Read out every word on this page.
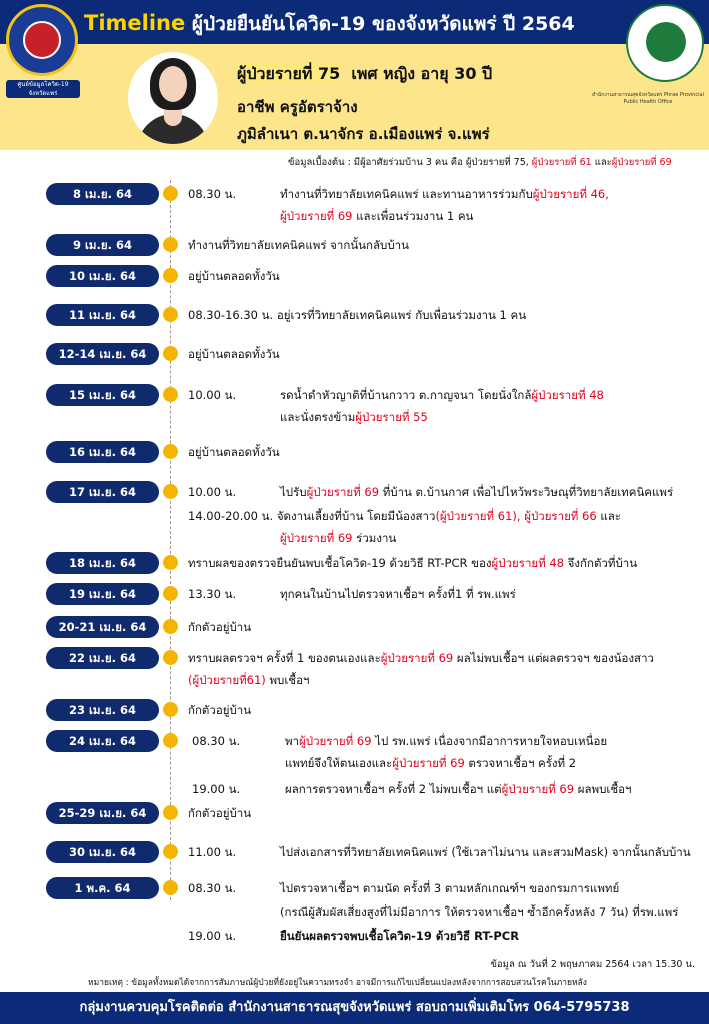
Timeline ผู้ป่วยยืนยันโควิด-19 ของจังหวัดแพร่ ปี 2564
ศูนย์ข้อมูลโควิด-19
จังหวัดแพร่	สำนักงานสาธารณสุขจังหวัดแพร่ Phrae Provincial Public Health Office
ผู้ป่วยรายที่ 75 เพศ หญิง อายุ 30 ปี
อาชีพ ครูอัตราจ้าง
ภูมิลำเนา ต.นาจักร อ.เมืองแพร่ จ.แพร่
ข้อมูลเบื้องต้น : มีผู้อาศัยร่วมบ้าน 3 คน คือ ผู้ป่วยรายที่ 75, ผู้ป่วยรายที่ 61 และผู้ป่วยรายที่ 69
8 เม.ย. 64	08.30 น.	ทำงานที่วิทยาลัยเทคนิคแพร่ และทานอาหารร่วมกับผู้ป่วยรายที่ 46,
ผู้ป่วยรายที่ 69 และเพื่อนร่วมงาน 1 คน
9 เม.ย. 64	ทำงานที่วิทยาลัยเทคนิคแพร่ จากนั้นกลับบ้าน
10 เม.ย. 64	อยู่บ้านตลอดทั้งวัน
11 เม.ย. 64	08.30-16.30 น. อยู่เวรที่วิทยาลัยเทคนิคแพร่ กับเพื่อนร่วมงาน 1 คน
12-14 เม.ย. 64	อยู่บ้านตลอดทั้งวัน
15 เม.ย. 64	10.00 น.	รดน้ำดำหัวญาติที่บ้านกวาว ต.กาญจนา โดยนั่งใกล้ผู้ป่วยรายที่ 48
และนั่งตรงข้ามผู้ป่วยรายที่ 55
16 เม.ย. 64	อยู่บ้านตลอดทั้งวัน
17 เม.ย. 64	10.00 น.	ไปรับผู้ป่วยรายที่ 69 ที่บ้าน ต.บ้านกาศ เพื่อไปไหว้พระวิษณุที่วิทยาลัยเทคนิคแพร่
14.00-20.00 น. จัดงานเลี้ยงที่บ้าน โดยมีน้องสาว(ผู้ป่วยรายที่ 61), ผู้ป่วยรายที่ 66 และ
ผู้ป่วยรายที่ 69 ร่วมงาน
18 เม.ย. 64	ทราบผลของตรวจยืนยันพบเชื้อโควิด-19 ด้วยวิธี RT-PCR ของผู้ป่วยรายที่ 48 จึงกักตัวที่บ้าน
19 เม.ย. 64	13.30 น.	ทุกคนในบ้านไปตรวจหาเชื้อฯ ครั้งที่1 ที่ รพ.แพร่
20-21 เม.ย. 64	กักตัวอยู่บ้าน
22 เม.ย. 64	ทราบผลตรวจฯ ครั้งที่ 1 ของตนเองและผู้ป่วยรายที่ 69 ผลไม่พบเชื้อฯ แต่ผลตรวจฯ ของน้องสาว
(ผู้ป่วยรายที่61) พบเชื้อฯ
23 เม.ย. 64	กักตัวอยู่บ้าน
24 เม.ย. 64	08.30 น.	พาผู้ป่วยรายที่ 69 ไป รพ.แพร่ เนื่องจากมีอาการหายใจหอบเหนื่อย
แพทย์จึงให้ตนเองและผู้ป่วยรายที่ 69 ตรวจหาเชื้อฯ ครั้งที่ 2
19.00 น.	ผลการตรวจหาเชื้อฯ ครั้งที่ 2 ไม่พบเชื้อฯ แต่ผู้ป่วยรายที่ 69 ผลพบเชื้อฯ
25-29 เม.ย. 64	กักตัวอยู่บ้าน
30 เม.ย. 64	11.00 น.	ไปส่งเอกสารที่วิทยาลัยเทคนิคแพร่ (ใช้เวลาไม่นาน และสวมMask) จากนั้นกลับบ้าน
1 พ.ค. 64	08.30 น.	ไปตรวจหาเชื้อฯ ตามนัด ครั้งที่ 3 ตามหลักเกณฑ์ฯ ของกรมการแพทย์
(กรณีผู้สัมผัสเสี่ยงสูงที่ไม่มีอาการ ให้ตรวจหาเชื้อฯ ซ้ำอีกครั้งหลัง 7 วัน) ที่รพ.แพร่
19.00 น.	ยืนยันผลตรวจพบเชื้อโควิด-19 ด้วยวิธี RT-PCR
ข้อมูล ณ วันที่ 2 พฤษภาคม 2564 เวลา 15.30 น.
หมายเหตุ : ข้อมูลทั้งหมดได้จากการสัมภาษณ์ผู้ป่วยที่ยังอยู่ในความทรงจำ อาจมีการแก้ไขเปลี่ยนแปลงหลังจากการสอบสวนโรคในภายหลัง
กลุ่มงานควบคุมโรคติดต่อ สำนักงานสาธารณสุขจังหวัดแพร่ สอบถามเพิ่มเติมโทร 064-5795738
